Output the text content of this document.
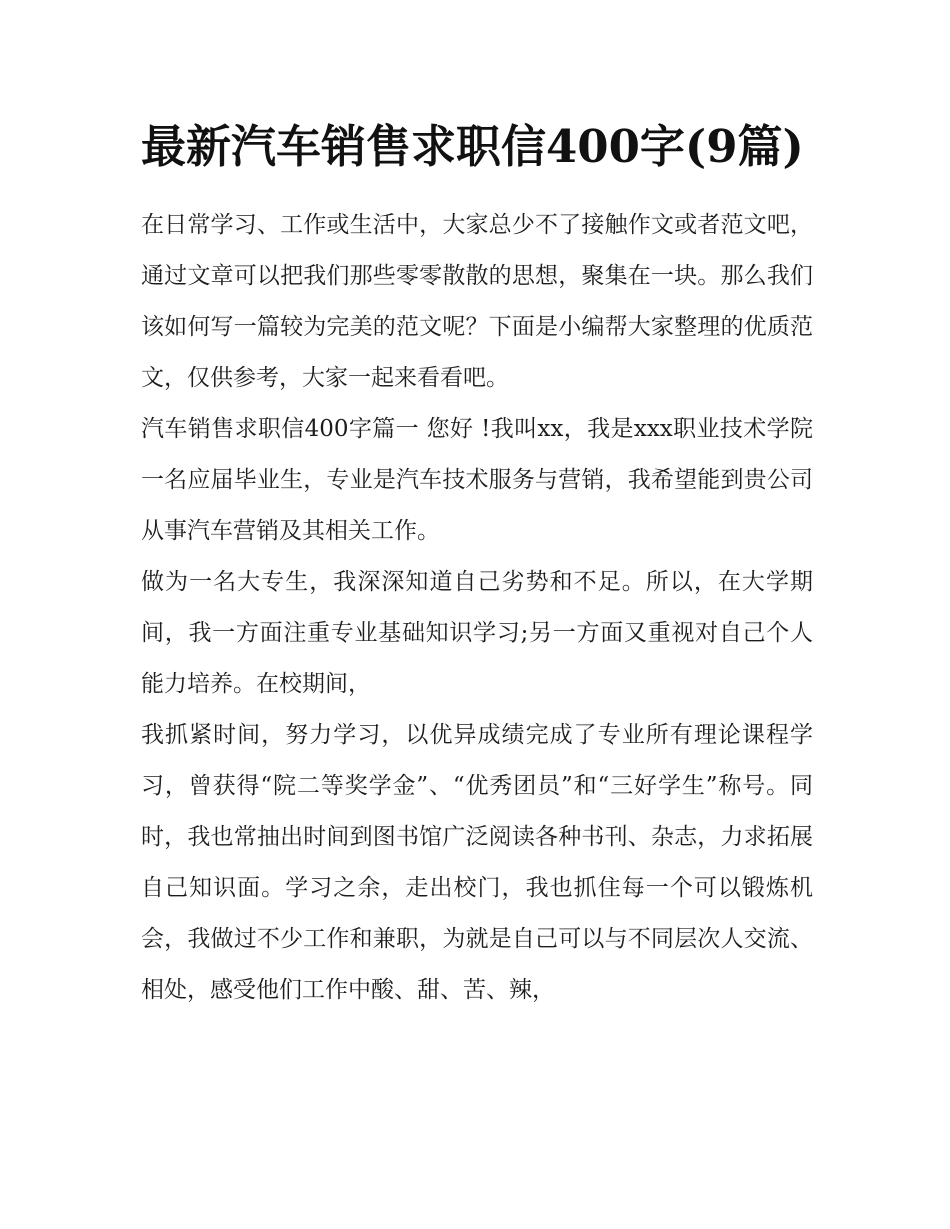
最新汽车销售求职信400字(9篇)

在日常学习、工作或生活中，大家总少不了接触作文或者范文吧，通过文章可以把我们那些零零散散的思想，聚集在一块。那么我们该如何写一篇较为完美的范文呢？下面是小编帮大家整理的优质范文，仅供参考，大家一起来看看吧。

汽车销售求职信400字篇一 您好 !我叫xx，我是xxx职业技术学院一名应届毕业生，专业是汽车技术服务与营销，我希望能到贵公司从事汽车营销及其相关工作。

做为一名大专生，我深深知道自己劣势和不足。所以，在大学期间，我一方面注重专业基础知识学习;另一方面又重视对自己个人能力培养。在校期间，

我抓紧时间，努力学习，以优异成绩完成了专业所有理论课程学习，曾获得“院二等奖学金”、“优秀团员”和“三好学生”称号。同时，我也常抽出时间到图书馆广泛阅读各种书刊、杂志，力求拓展自己知识面。学习之余，走出校门，我也抓住每一个可以锻炼机会，我做过不少工作和兼职，为就是自己可以与不同层次人交流、相处，感受他们工作中酸、甜、苦、辣，
